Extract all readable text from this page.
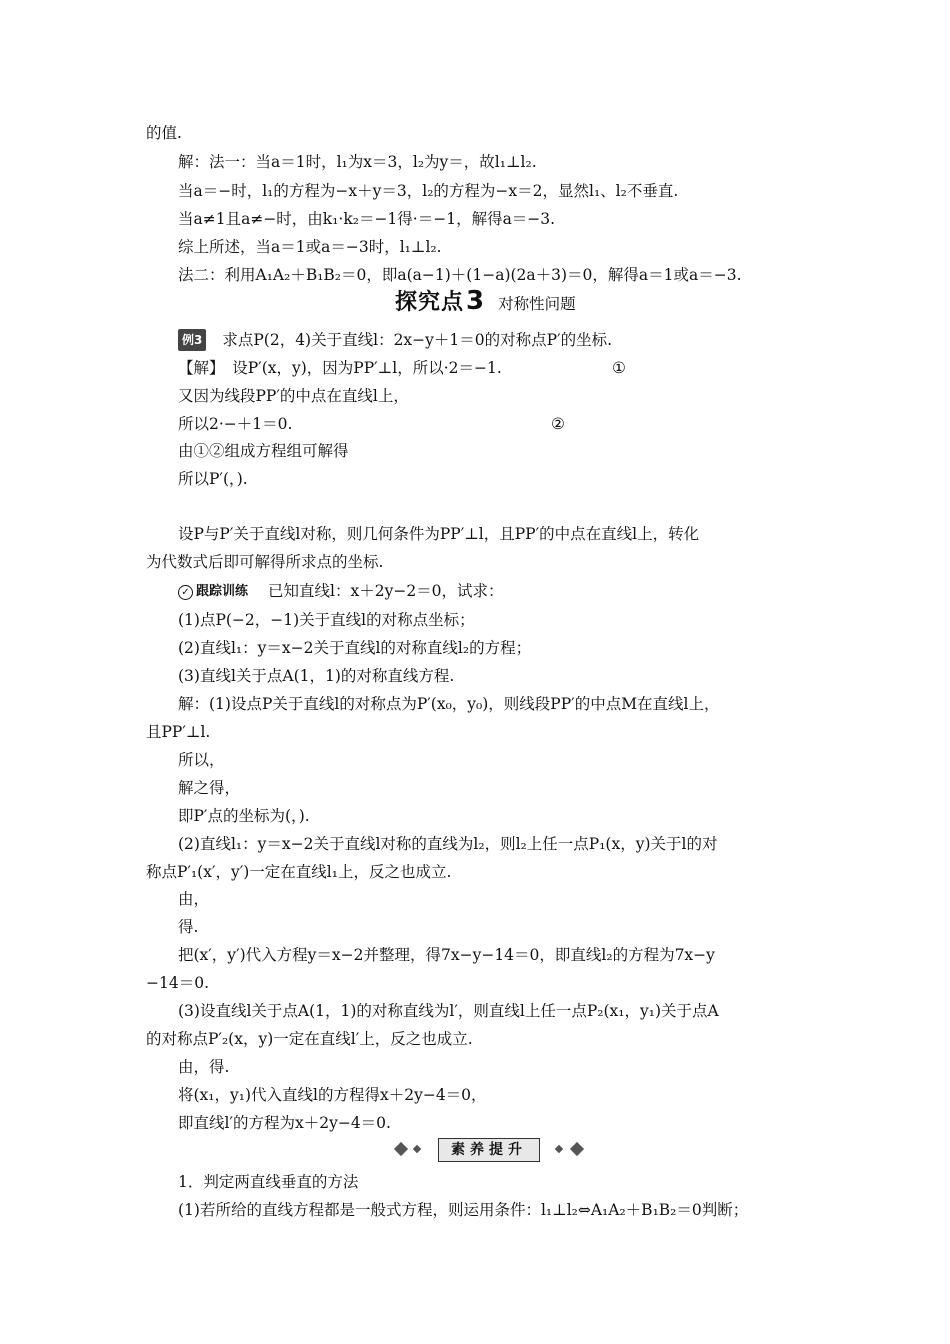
的值.
解：法一：当a＝1时，l₁为x＝3，l₂为y＝，故l₁⊥l₂.
当a＝−时，l₁的方程为−x＋y＝3，l₂的方程为−x＝2，显然l₁、l₂不垂直.
当a≠1且a≠−时，由k₁·k₂＝−1得·＝−1，解得a＝−3.
综上所述，当a＝1或a＝−3时，l₁⊥l₂.
法二：利用A₁A₂＋B₁B₂＝0，即a(a−1)＋(1−a)(2a＋3)＝0，解得a＝1或a＝−3.
探究点3 对称性问题
例3 求点P(2，4)关于直线l：2x−y＋1＝0的对称点P′的坐标.
【解】　设P′(x，y)，因为PP′⊥l，所以·2＝−1.	①
又因为线段PP′的中点在直线l上，
所以2·−＋1＝0.	②
由①②组成方程组可解得
所以P′(，).
设P与P′关于直线l对称，则几何条件为PP′⊥l，且PP′的中点在直线l上，转化
为代数式后即可解得所求点的坐标.
✓ 跟踪训练 已知直线l：x＋2y−2＝0，试求：
(1)点P(−2，−1)关于直线l的对称点坐标；
(2)直线l₁：y＝x−2关于直线l的对称直线l₂的方程；
(3)直线l关于点A(1，1)的对称直线方程.
解：(1)设点P关于直线l的对称点为P′(x₀，y₀)，则线段PP′的中点M在直线l上，
且PP′⊥l.
所以，
解之得，
即P′点的坐标为(，).
(2)直线l₁：y＝x−2关于直线l对称的直线为l₂，则l₂上任一点P₁(x，y)关于l的对
称点P′₁(x′，y′)一定在直线l₁上，反之也成立.
由，
得.
把(x′，y′)代入方程y＝x−2并整理，得7x−y−14＝0，即直线l₂的方程为7x−y
−14＝0.
(3)设直线l关于点A(1，1)的对称直线为l′，则直线l上任一点P₂(x₁，y₁)关于点A
的对称点P′₂(x，y)一定在直线l′上，反之也成立.
由，得.
将(x₁，y₁)代入直线l的方程得x＋2y−4＝0，
即直线l′的方程为x＋2y−4＝0.
素养提升
1．判定两直线垂直的方法
(1)若所给的直线方程都是一般式方程，则运用条件：l₁⊥l₂⇔A₁A₂＋B₁B₂＝0判断；
